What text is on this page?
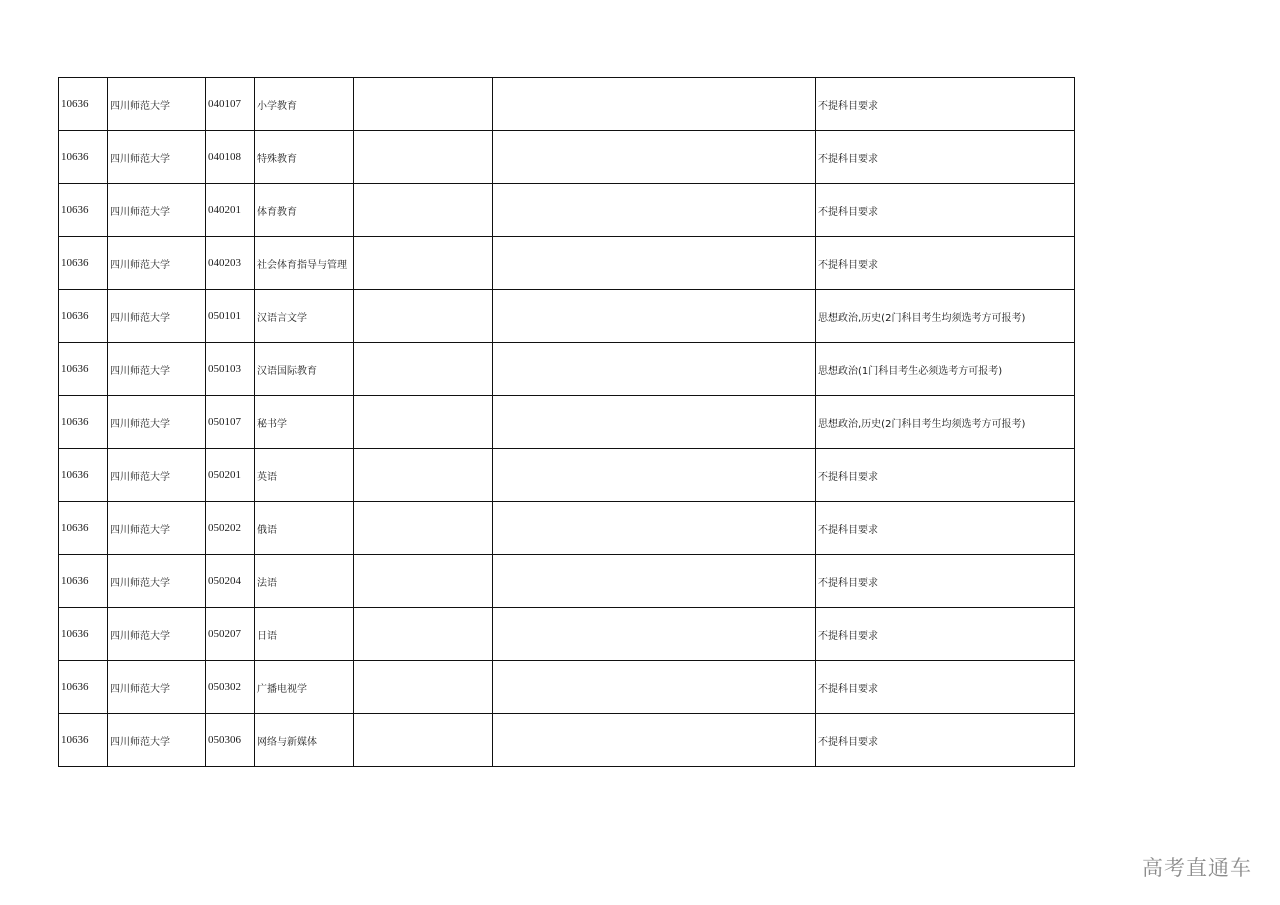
10636	四川师范大学	040107	小学教育			不提科目要求
10636	四川师范大学	040108	特殊教育			不提科目要求
10636	四川师范大学	040201	体育教育			不提科目要求
10636	四川师范大学	040203	社会体育指导与管理			不提科目要求
10636	四川师范大学	050101	汉语言文学			思想政治,历史(2门科目考生均须选考方可报考)
10636	四川师范大学	050103	汉语国际教育			思想政治(1门科目考生必须选考方可报考)
10636	四川师范大学	050107	秘书学			思想政治,历史(2门科目考生均须选考方可报考)
10636	四川师范大学	050201	英语			不提科目要求
10636	四川师范大学	050202	俄语			不提科目要求
10636	四川师范大学	050204	法语			不提科目要求
10636	四川师范大学	050207	日语			不提科目要求
10636	四川师范大学	050302	广播电视学			不提科目要求
10636	四川师范大学	050306	网络与新媒体			不提科目要求
高考直通车
